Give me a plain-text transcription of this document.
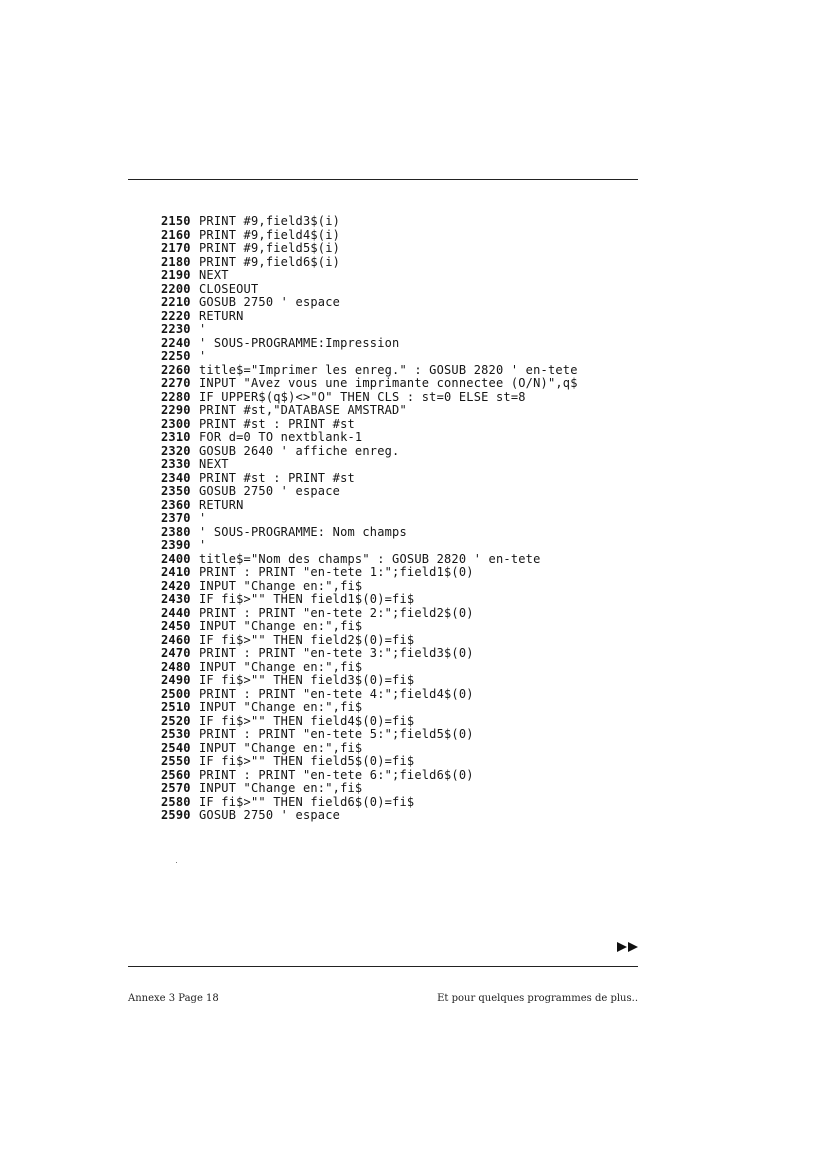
2150 PRINT #9,field3$(i)
2160 PRINT #9,field4$(i)
2170 PRINT #9,field5$(i)
2180 PRINT #9,field6$(i)
2190 NEXT
2200 CLOSEOUT
2210 GOSUB 2750 ' espace
2220 RETURN
2230 '
2240 ' SOUS-PROGRAMME:Impression
2250 '
2260 title$="Imprimer les enreg." : GOSUB 2820 ' en-tete
2270 INPUT "Avez vous une imprimante connectee (O/N)",q$
2280 IF UPPER$(q$)<>"O" THEN CLS : st=0 ELSE st=8
2290 PRINT #st,"DATABASE AMSTRAD"
2300 PRINT #st : PRINT #st
2310 FOR d=0 TO nextblank-1
2320 GOSUB 2640 ' affiche enreg.
2330 NEXT
2340 PRINT #st : PRINT #st
2350 GOSUB 2750 ' espace
2360 RETURN
2370 '
2380 ' SOUS-PROGRAMME: Nom champs
2390 '
2400 title$="Nom des champs" : GOSUB 2820 ' en-tete
2410 PRINT : PRINT "en-tete 1:";field1$(0)
2420 INPUT "Change en:",fi$
2430 IF fi$>"" THEN field1$(0)=fi$
2440 PRINT : PRINT "en-tete 2:";field2$(0)
2450 INPUT "Change en:",fi$
2460 IF fi$>"" THEN field2$(0)=fi$
2470 PRINT : PRINT "en-tete 3:";field3$(0)
2480 INPUT "Change en:",fi$
2490 IF fi$>"" THEN field3$(0)=fi$
2500 PRINT : PRINT "en-tete 4:";field4$(0)
2510 INPUT "Change en:",fi$
2520 IF fi$>"" THEN field4$(0)=fi$
2530 PRINT : PRINT "en-tete 5:";field5$(0)
2540 INPUT "Change en:",fi$
2550 IF fi$>"" THEN field5$(0)=fi$
2560 PRINT : PRINT "en-tete 6:";field6$(0)
2570 INPUT "Change en:",fi$
2580 IF fi$>"" THEN field6$(0)=fi$
2590 GOSUB 2750 ' espace
Annexe 3 Page 18	Et pour quelques programmes de plus..
